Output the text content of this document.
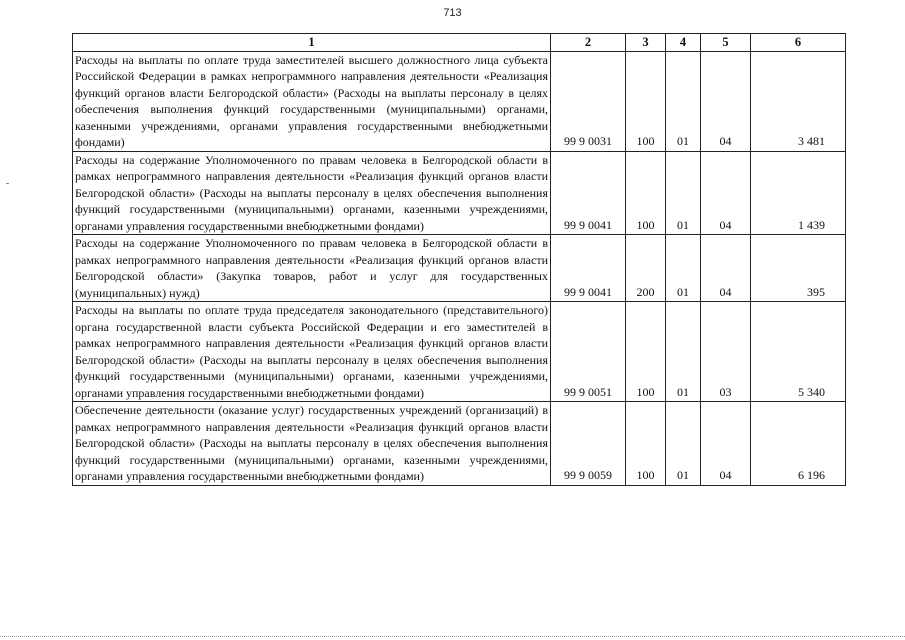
713
1	2	3	4	5	6
Расходы на выплаты по оплате труда заместителей высшего должностного лица субъекта Российской Федерации в рамках непрограммного направления деятельности «Реализация функций органов власти Белгородской области» (Расходы на выплаты персоналу в целях обеспечения выполнения функций государственными (муниципальными) органами, казенными учреждениями, органами управления государственными внебюджетными фондами)	99 9 0031	100	01	04	3 481
Расходы на содержание Уполномоченного по правам человека в Белгородской области в рамках непрограммного направления деятельности «Реализация функций органов власти Белгородской области» (Расходы на выплаты персоналу в целях обеспечения выполнения функций государственными (муниципальными) органами, казенными учреждениями, органами управления государственными внебюджетными фондами)	99 9 0041	100	01	04	1 439
Расходы на содержание Уполномоченного по правам человека в Белгородской области в рамках непрограммного направления деятельности «Реализация функций органов власти Белгородской области» (Закупка товаров, работ и услуг для государственных (муниципальных) нужд)	99 9 0041	200	01	04	395
Расходы на выплаты по оплате труда председателя законодательного (представительного) органа государственной власти субъекта Российской Федерации и его заместителей в рамках непрограммного направления деятельности «Реализация функций органов власти Белгородской области» (Расходы на выплаты персоналу в целях обеспечения выполнения функций государственными (муниципальными) органами, казенными учреждениями, органами управления государственными внебюджетными фондами)	99 9 0051	100	01	03	5 340
Обеспечение деятельности (оказание услуг) государственных учреждений (организаций) в рамках непрограммного направления деятельности «Реализация функций органов власти Белгородской области» (Расходы на выплаты персоналу в целях обеспечения выполнения функций государственными (муниципальными) органами, казенными учреждениями, органами управления государственными внебюджетными фондами)	99 9 0059	100	01	04	6 196
